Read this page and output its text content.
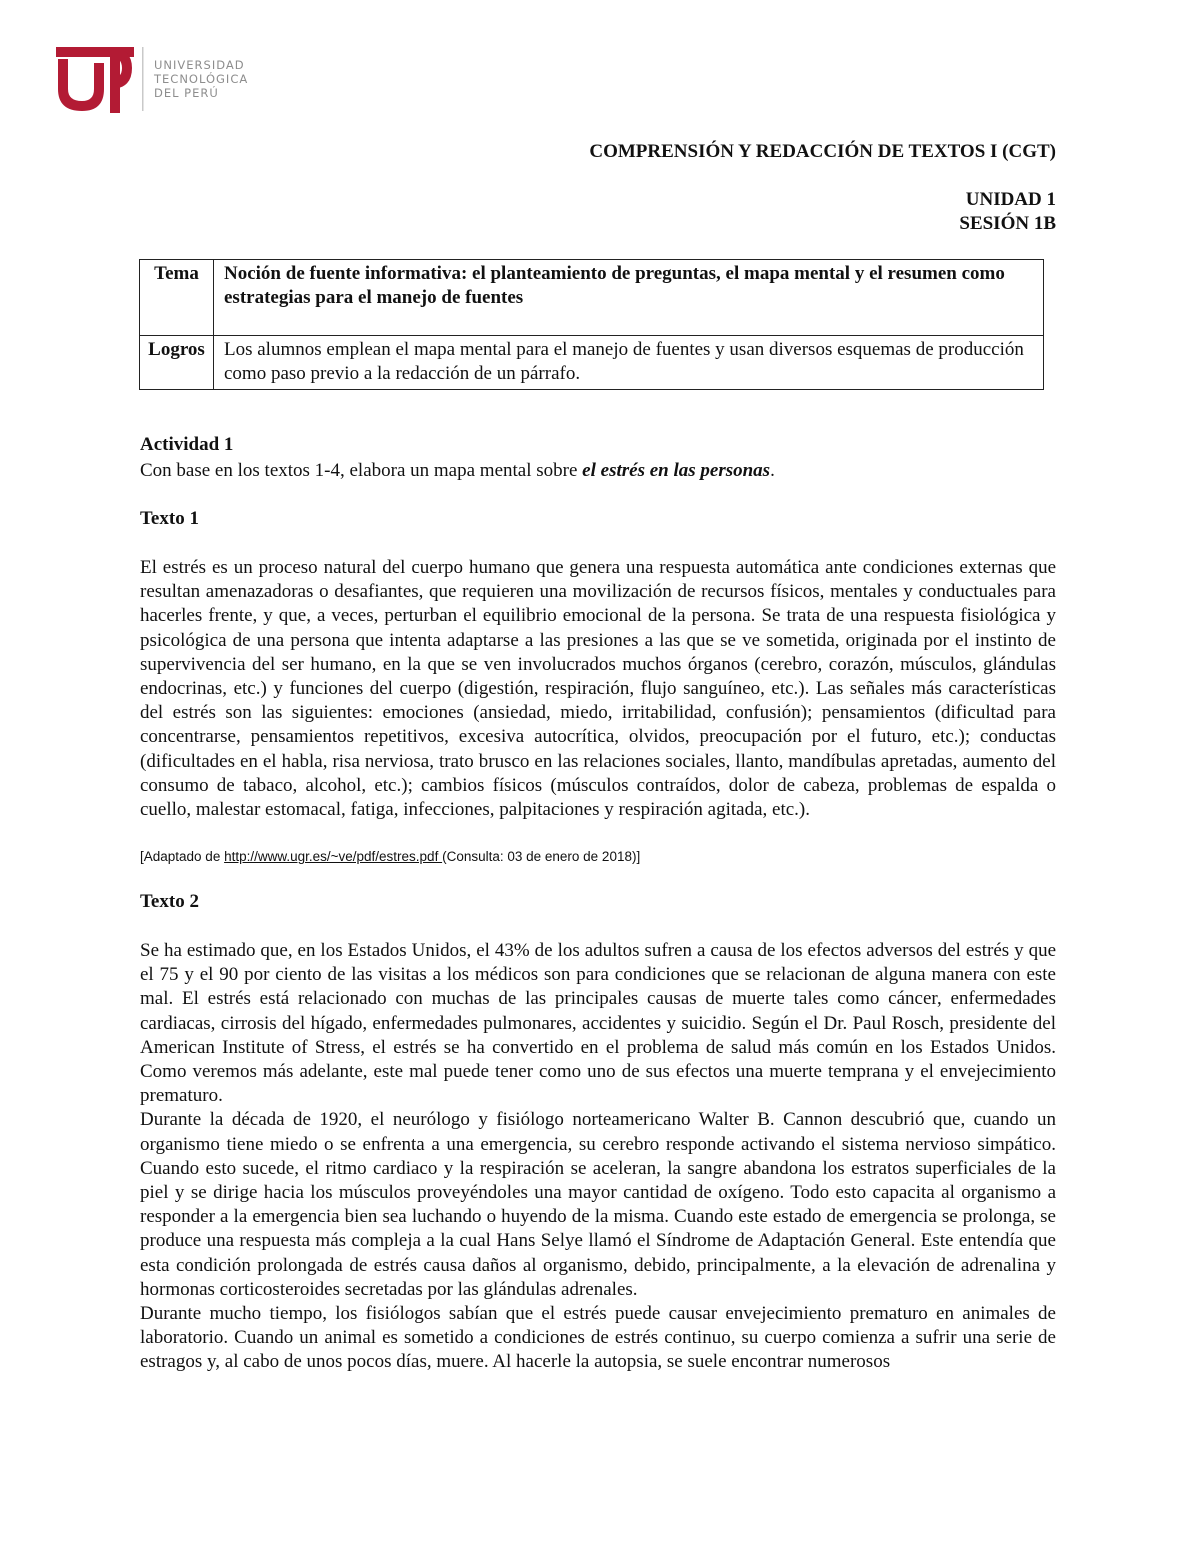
UNIVERSIDAD
TECNOLÓGICA
DEL PERÚ
COMPRENSIÓN Y REDACCIÓN DE TEXTOS I (CGT)
UNIDAD 1
SESIÓN 1B
Tema	Noción de fuente informativa: el planteamiento de preguntas, el mapa mental y el resumen como estrategias para el manejo de fuentes
Logros	Los alumnos emplean el mapa mental para el manejo de fuentes y usan diversos esquemas de producción como paso previo a la redacción de un párrafo.
Actividad 1
Con base en los textos 1-4, elabora un mapa mental sobre el estrés en las personas.
Texto 1

El estrés es un proceso natural del cuerpo humano que genera una respuesta automática ante condiciones externas que resultan amenazadoras o desafiantes, que requieren una movilización de recursos físicos, mentales y conductuales para hacerles frente, y que, a veces, perturban el equilibrio emocional de la persona. Se trata de una respuesta fisiológica y psicológica de una persona que intenta adaptarse a las presiones a las que se ve sometida, originada por el instinto de supervivencia del ser humano, en la que se ven involucrados muchos órganos (cerebro, corazón, músculos, glándulas endocrinas, etc.) y funciones del cuerpo (digestión, respiración, flujo sanguíneo, etc.). Las señales más características del estrés son las siguientes: emociones (ansiedad, miedo, irritabilidad, confusión); pensamientos (dificultad para concentrarse, pensamientos repetitivos, excesiva autocrítica, olvidos, preocupación por el futuro, etc.); conductas (dificultades en el habla, risa nerviosa, trato brusco en las relaciones sociales, llanto, mandíbulas apretadas, aumento del consumo de tabaco, alcohol, etc.); cambios físicos (músculos contraídos, dolor de cabeza, problemas de espalda o cuello, malestar estomacal, fatiga, infecciones, palpitaciones y respiración agitada, etc.).

[Adaptado de http://www.ugr.es/~ve/pdf/estres.pdf (Consulta: 03 de enero de 2018)]
Texto 2

Se ha estimado que, en los Estados Unidos, el 43% de los adultos sufren a causa de los efectos adversos del estrés y que el 75 y el 90 por ciento de las visitas a los médicos son para condiciones que se relacionan de alguna manera con este mal. El estrés está relacionado con muchas de las principales causas de muerte tales como cáncer, enfermedades cardiacas, cirrosis del hígado, enfermedades pulmonares, accidentes y suicidio. Según el Dr. Paul Rosch, presidente del American Institute of Stress, el estrés se ha convertido en el problema de salud más común en los Estados Unidos. Como veremos más adelante, este mal puede tener como uno de sus efectos una muerte temprana y el envejecimiento prematuro.

Durante la década de 1920, el neurólogo y fisiólogo norteamericano Walter B. Cannon descubrió que, cuando un organismo tiene miedo o se enfrenta a una emergencia, su cerebro responde activando el sistema nervioso simpático. Cuando esto sucede, el ritmo cardiaco y la respiración se aceleran, la sangre abandona los estratos superficiales de la piel y se dirige hacia los músculos proveyéndoles una mayor cantidad de oxígeno. Todo esto capacita al organismo a responder a la emergencia bien sea luchando o huyendo de la misma. Cuando este estado de emergencia se prolonga, se produce una respuesta más compleja a la cual Hans Selye llamó el Síndrome de Adaptación General. Este entendía que esta condición prolongada de estrés causa daños al organismo, debido, principalmente, a la elevación de adrenalina y hormonas corticosteroides secretadas por las glándulas adrenales.

Durante mucho tiempo, los fisiólogos sabían que el estrés puede causar envejecimiento prematuro en animales de laboratorio. Cuando un animal es sometido a condiciones de estrés continuo, su cuerpo comienza a sufrir una serie de estragos y, al cabo de unos pocos días, muere. Al hacerle la autopsia, se suele encontrar numerosos
